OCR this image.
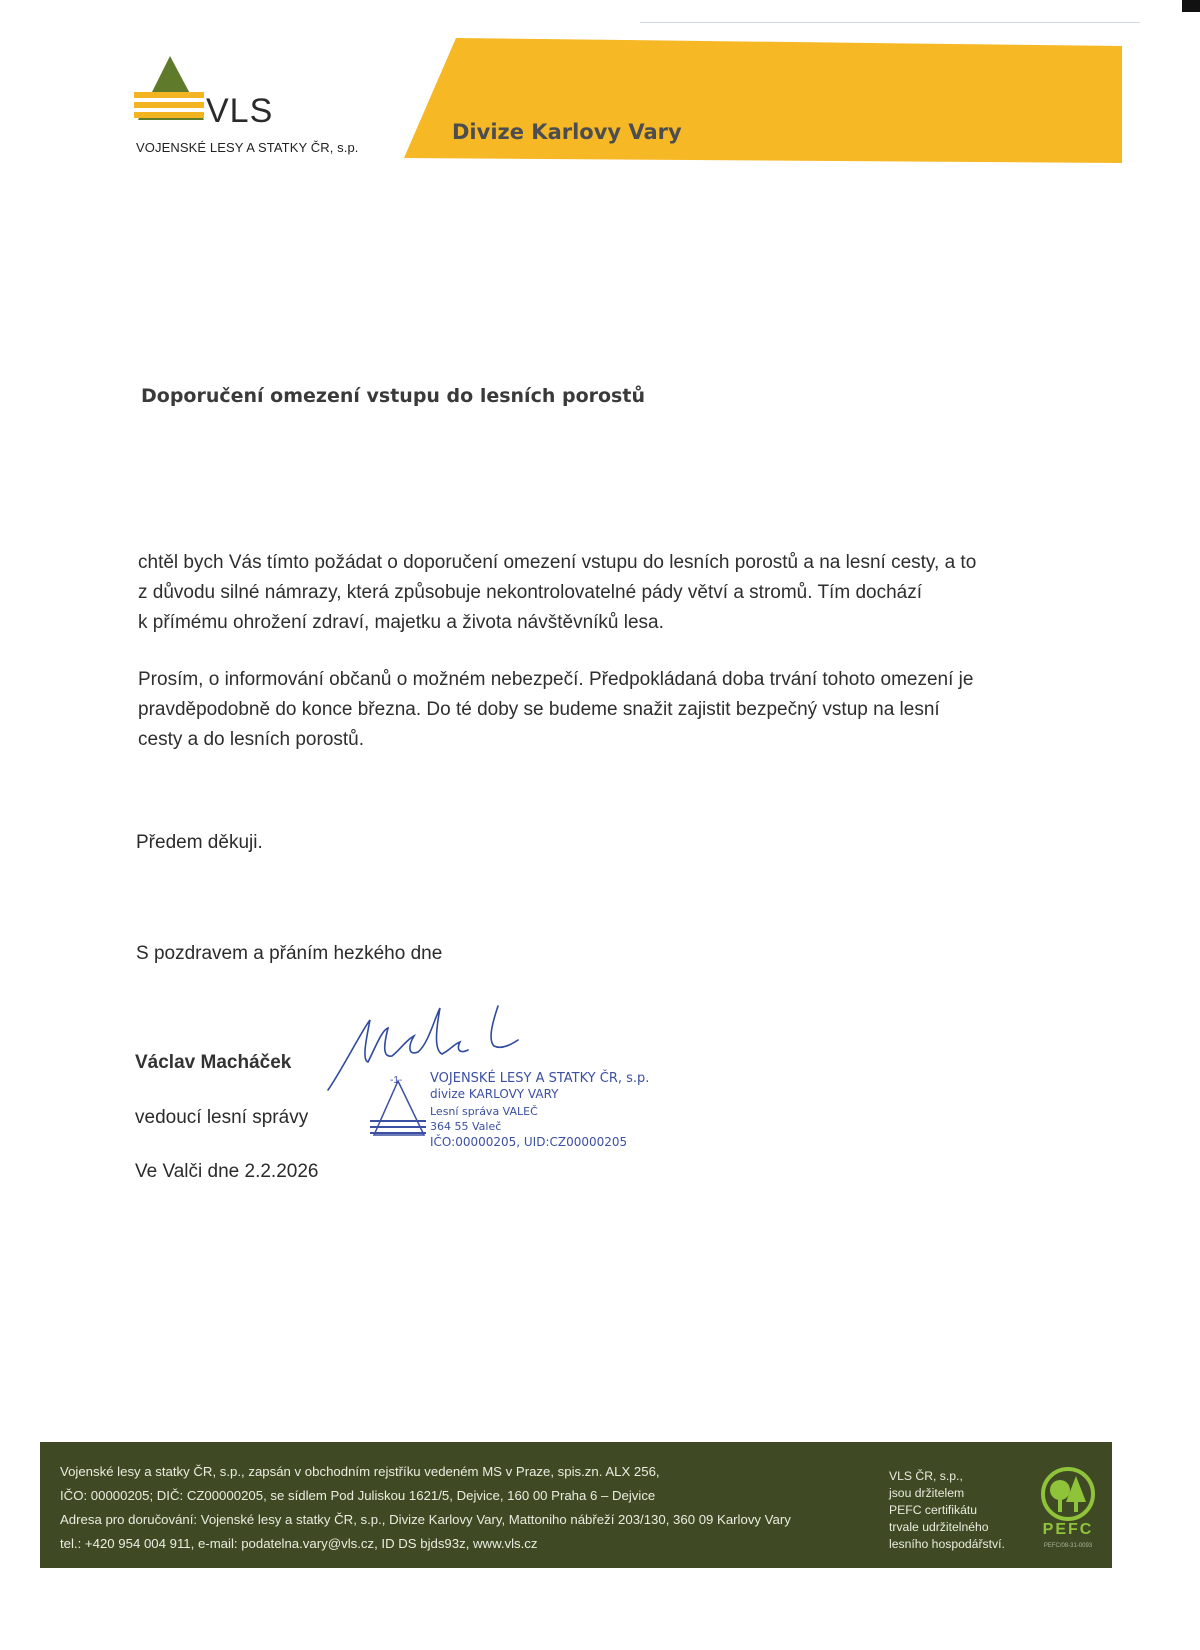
VLS
VOJENSKÉ LESY A STATKY ČR, s.p.
Divize Karlovy Vary
Doporučení omezení vstupu do lesních porostů

chtěl bych Vás tímto požádat o doporučení omezení vstupu do lesních porostů a na lesní cesty, a to

z důvodu silné námrazy, která způsobuje nekontrolovatelné pády větví a stromů. Tím dochází

k přímému ohrožení zdraví, majetku a života návštěvníků lesa.

Prosím, o informování občanů o možném nebezpečí. Předpokládaná doba trvání tohoto omezení je

pravděpodobně do konce března. Do té doby se budeme snažit zajistit bezpečný vstup na lesní

cesty a do lesních porostů.

Předem děkuji.
S pozdravem a přáním hezkého dne
Václav Macháček
vedoucí lesní správy
Ve Valči dne 2.2.2026
-1- VOJENSKÉ LESY A STATKY ČR, s.p.
divize KARLOVY VARY
Lesní správa VALEČ
364 55 Valeč
IČO:00000205, UID:CZ00000205
Vojenské lesy a statky ČR, s.p., zapsán v obchodním rejstříku vedeném MS v Praze, spis.zn. ALX 256,
IČO: 00000205; DIČ: CZ00000205, se sídlem Pod Juliskou 1621/5, Dejvice, 160 00 Praha 6 – Dejvice
Adresa pro doručování: Vojenské lesy a statky ČR, s.p., Divize Karlovy Vary, Mattoniho nábřeží 203/130, 360 09 Karlovy Vary
tel.: +420 954 004 911, e-mail: podatelna.vary@vls.cz, ID DS bjds93z, www.vls.cz
VLS ČR, s.p.,
jsou držitelem
PEFC certifikátu
trvale udržitelného
lesního hospodářství.
PEFC
PEFC/08-31-0093
